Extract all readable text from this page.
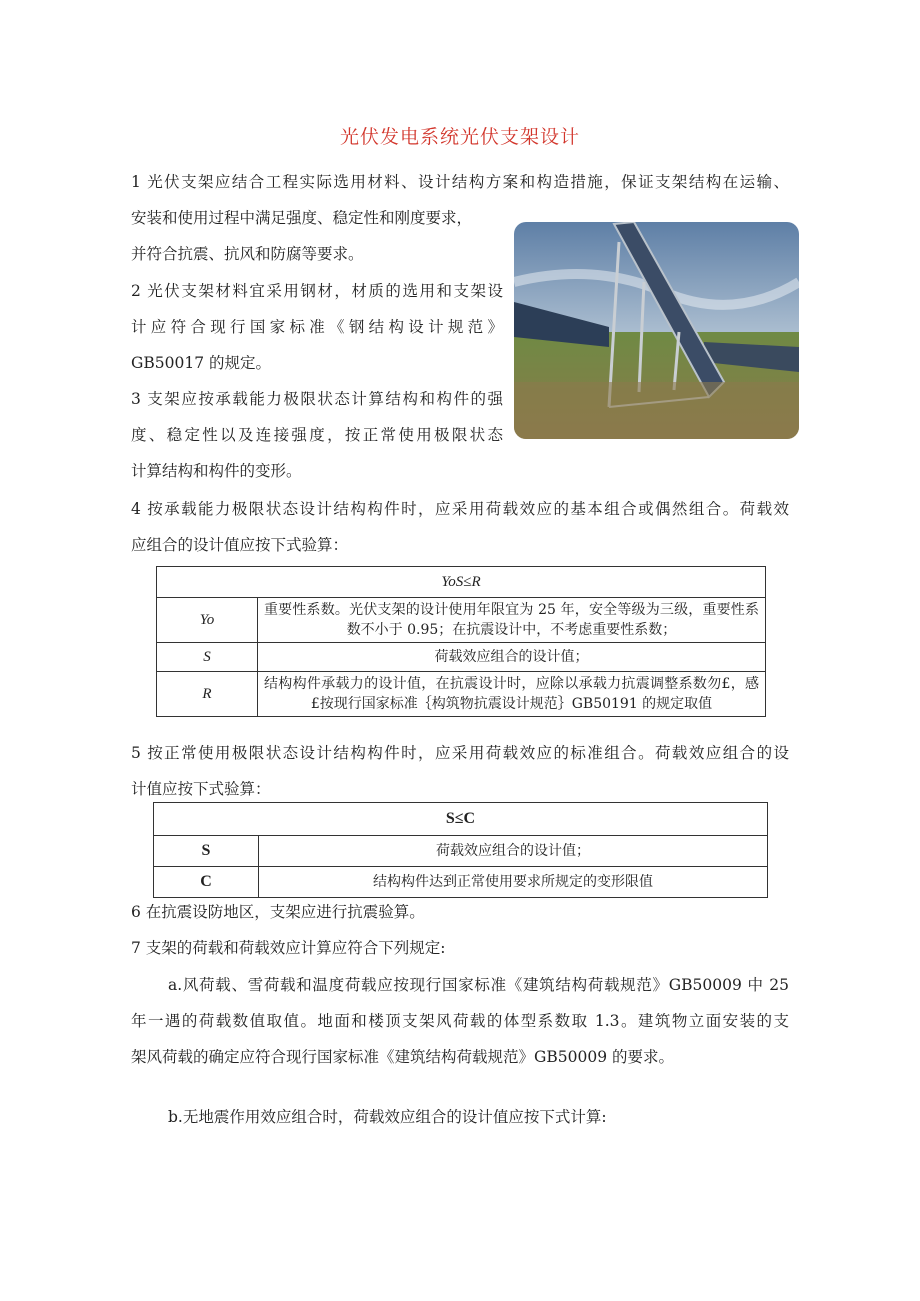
光伏发电系统光伏支架设计
1 光伏支架应结合工程实际选用材料、设计结构方案和构造措施，保证支架结构在运输、
安装和使用过程中满足强度、稳定性和刚度要求，
并符合抗震、抗风和防腐等要求。
2 光伏支架材料宜采用钢材，材质的选用和支架设
计应符合现行国家标准《钢结构设计规范》
GB50017 的规定。
3 支架应按承载能力极限状态计算结构和构件的强
度、稳定性以及连接强度，按正常使用极限状态
计算结构和构件的变形。
4 按承载能力极限状态设计结构构件时，应采用荷载效应的基本组合或偶然组合。荷载效
应组合的设计值应按下式验算：
YoS≤R	
Yo	重要性系数。光伏支架的设计使用年限宜为 25 年，安全等级为三级，重要性系数不小于 0.95；在抗震设计中，不考虑重要性系数；
S	荷载效应组合的设计值；
R	结构构件承载力的设计值，在抗震设计时，应除以承载力抗震调整系数勿£，感£按现行国家标准｛构筑物抗震设计规范｝GB50191 的规定取值
5 按正常使用极限状态设计结构构件时，应采用荷载效应的标准组合。荷载效应组合的设
计值应按下式验算：
S≤C	
S	荷载效应组合的设计值；
C	结构构件达到正常使用要求所规定的变形限值
6 在抗震设防地区，支架应进行抗震验算。
7 支架的荷载和荷载效应计算应符合下列规定:
a.风荷载、雪荷载和温度荷载应按现行国家标准《建筑结构荷载规范》GB50009 中 25
年一遇的荷载数值取值。地面和楼顶支架风荷载的体型系数取 1.3。建筑物立面安装的支
架风荷载的确定应符合现行国家标准《建筑结构荷载规范》GB50009 的要求。
b.无地震作用效应组合时，荷载效应组合的设计值应按下式计算:
